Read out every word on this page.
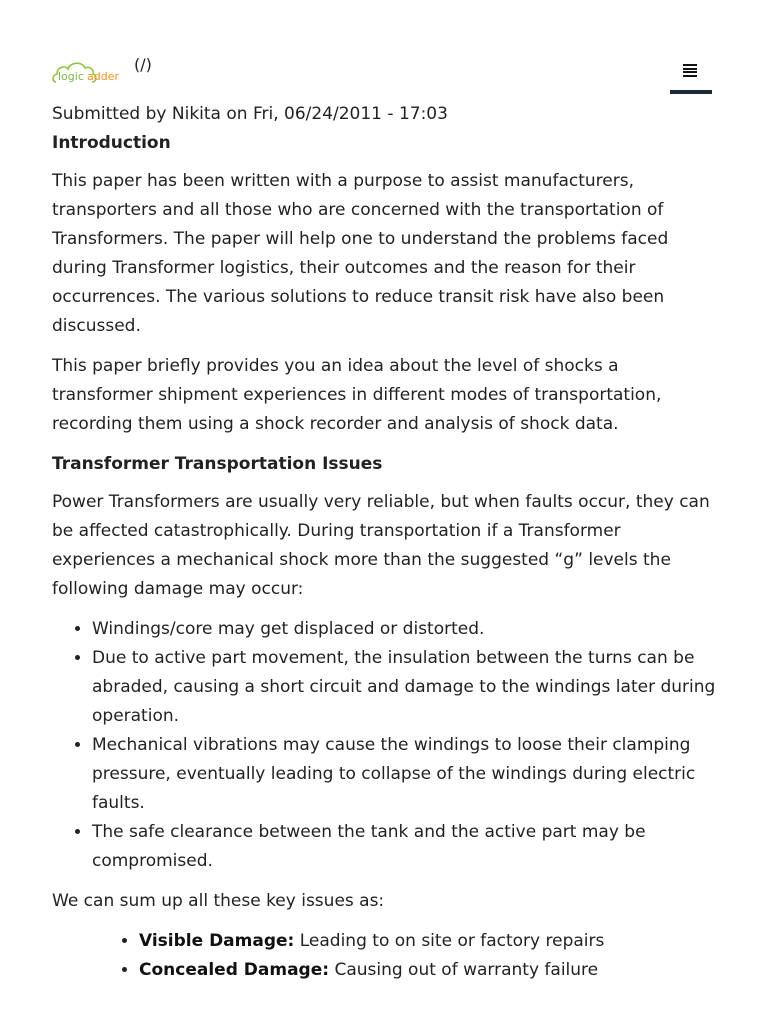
logic adder
(/)

Submitted by Nikita on Fri, 06/24/2011 - 17:03

Introduction

This paper has been written with a purpose to assist manufacturers, transporters and all those who are concerned with the transportation of Transformers. The paper will help one to understand the problems faced during Transformer logistics, their outcomes and the reason for their occurrences. The various solutions to reduce transit risk have also been discussed.

This paper briefly provides you an idea about the level of shocks a transformer shipment experiences in different modes of transportation, recording them using a shock recorder and analysis of shock data.

Transformer Transportation Issues

Power Transformers are usually very reliable, but when faults occur, they can be affected catastrophically. During transportation if a Transformer experiences a mechanical shock more than the suggested “g” levels the following damage may occur:

• Windings/core may get displaced or distorted.
• Due to active part movement, the insulation between the turns can be abraded, causing a short circuit and damage to the windings later during operation.
• Mechanical vibrations may cause the windings to loose their clamping pressure, eventually leading to collapse of the windings during electric faults.
• The safe clearance between the tank and the active part may be compromised.

We can sum up all these key issues as:

• Visible Damage: Leading to on site or factory repairs
• Concealed Damage: Causing out of warranty failure
